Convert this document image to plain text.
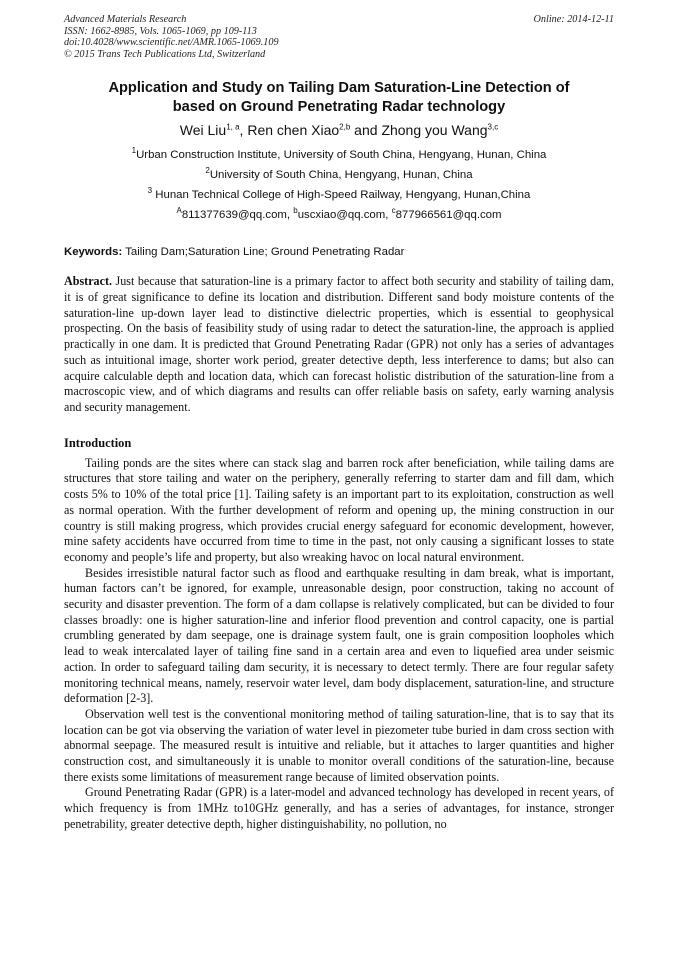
Advanced Materials Research
ISSN: 1662-8985, Vols. 1065-1069, pp 109-113
doi:10.4028/www.scientific.net/AMR.1065-1069.109
© 2015 Trans Tech Publications Ltd, Switzerland
Online: 2014-12-11
Application and Study on Tailing Dam Saturation-Line Detection of
based on Ground Penetrating Radar technology
Wei Liu$^{1, a}$, Ren chen Xiao$^{2,b}$ and Zhong you Wang$^{3,c}$
$^1$Urban Construction Institute, University of South China, Hengyang, Hunan, China
$^2$University of South China, Hengyang, Hunan, China
$^3$ Hunan Technical College of High-Speed Railway, Hengyang, Hunan,China
$^A$811377639@qq.com, $^b$uscxiao@qq.com, $^c$877966561@qq.com
Keywords: Tailing Dam;Saturation Line; Ground Penetrating Radar
Abstract. Just because that saturation-line is a primary factor to affect both security and stability of tailing dam, it is of great significance to define its location and distribution. Different sand body moisture contents of the saturation-line up-down layer lead to distinctive dielectric properties, which is essential to geophysical prospecting. On the basis of feasibility study of using radar to detect the saturation-line, the approach is applied practically in one dam. It is predicted that Ground Penetrating Radar (GPR) not only has a series of advantages such as intuitional image, shorter work period, greater detective depth, less interference to dams; but also can acquire calculable depth and location data, which can forecast holistic distribution of the saturation-line from a macroscopic view, and of which diagrams and results can offer reliable basis on safety, early warning analysis and security management.
Introduction

Tailing ponds are the sites where can stack slag and barren rock after beneficiation, while tailing dams are structures that store tailing and water on the periphery, generally referring to starter dam and fill dam, which costs 5% to 10% of the total price [1]. Tailing safety is an important part to its exploitation, construction as well as normal operation. With the further development of reform and opening up, the mining construction in our country is still making progress, which provides crucial energy safeguard for economic development, however, mine safety accidents have occurred from time to time in the past, not only causing a significant losses to state economy and people’s life and property, but also wreaking havoc on local natural environment.

Besides irresistible natural factor such as flood and earthquake resulting in dam break, what is important, human factors can’t be ignored, for example, unreasonable design, poor construction, taking no account of security and disaster prevention. The form of a dam collapse is relatively complicated, but can be divided to four classes broadly: one is higher saturation-line and inferior flood prevention and control capacity, one is partial crumbling generated by dam seepage, one is drainage system fault, one is grain composition loopholes which lead to weak intercalated layer of tailing fine sand in a certain area and even to liquefied area under seismic action. In order to safeguard tailing dam security, it is necessary to detect termly. There are four regular safety monitoring technical means, namely, reservoir water level, dam body displacement, saturation-line, and structure deformation [2-3].

Observation well test is the conventional monitoring method of tailing saturation-line, that is to say that its location can be got via observing the variation of water level in piezometer tube buried in dam cross section with abnormal seepage. The measured result is intuitive and reliable, but it attaches to larger quantities and higher construction cost, and simultaneously it is unable to monitor overall conditions of the saturation-line, because there exists some limitations of measurement range because of limited observation points.

Ground Penetrating Radar (GPR) is a later-model and advanced technology has developed in recent years, of which frequency is from 1MHz to10GHz generally, and has a series of advantages, for instance, stronger penetrability, greater detective depth, higher distinguishability, no pollution, no
